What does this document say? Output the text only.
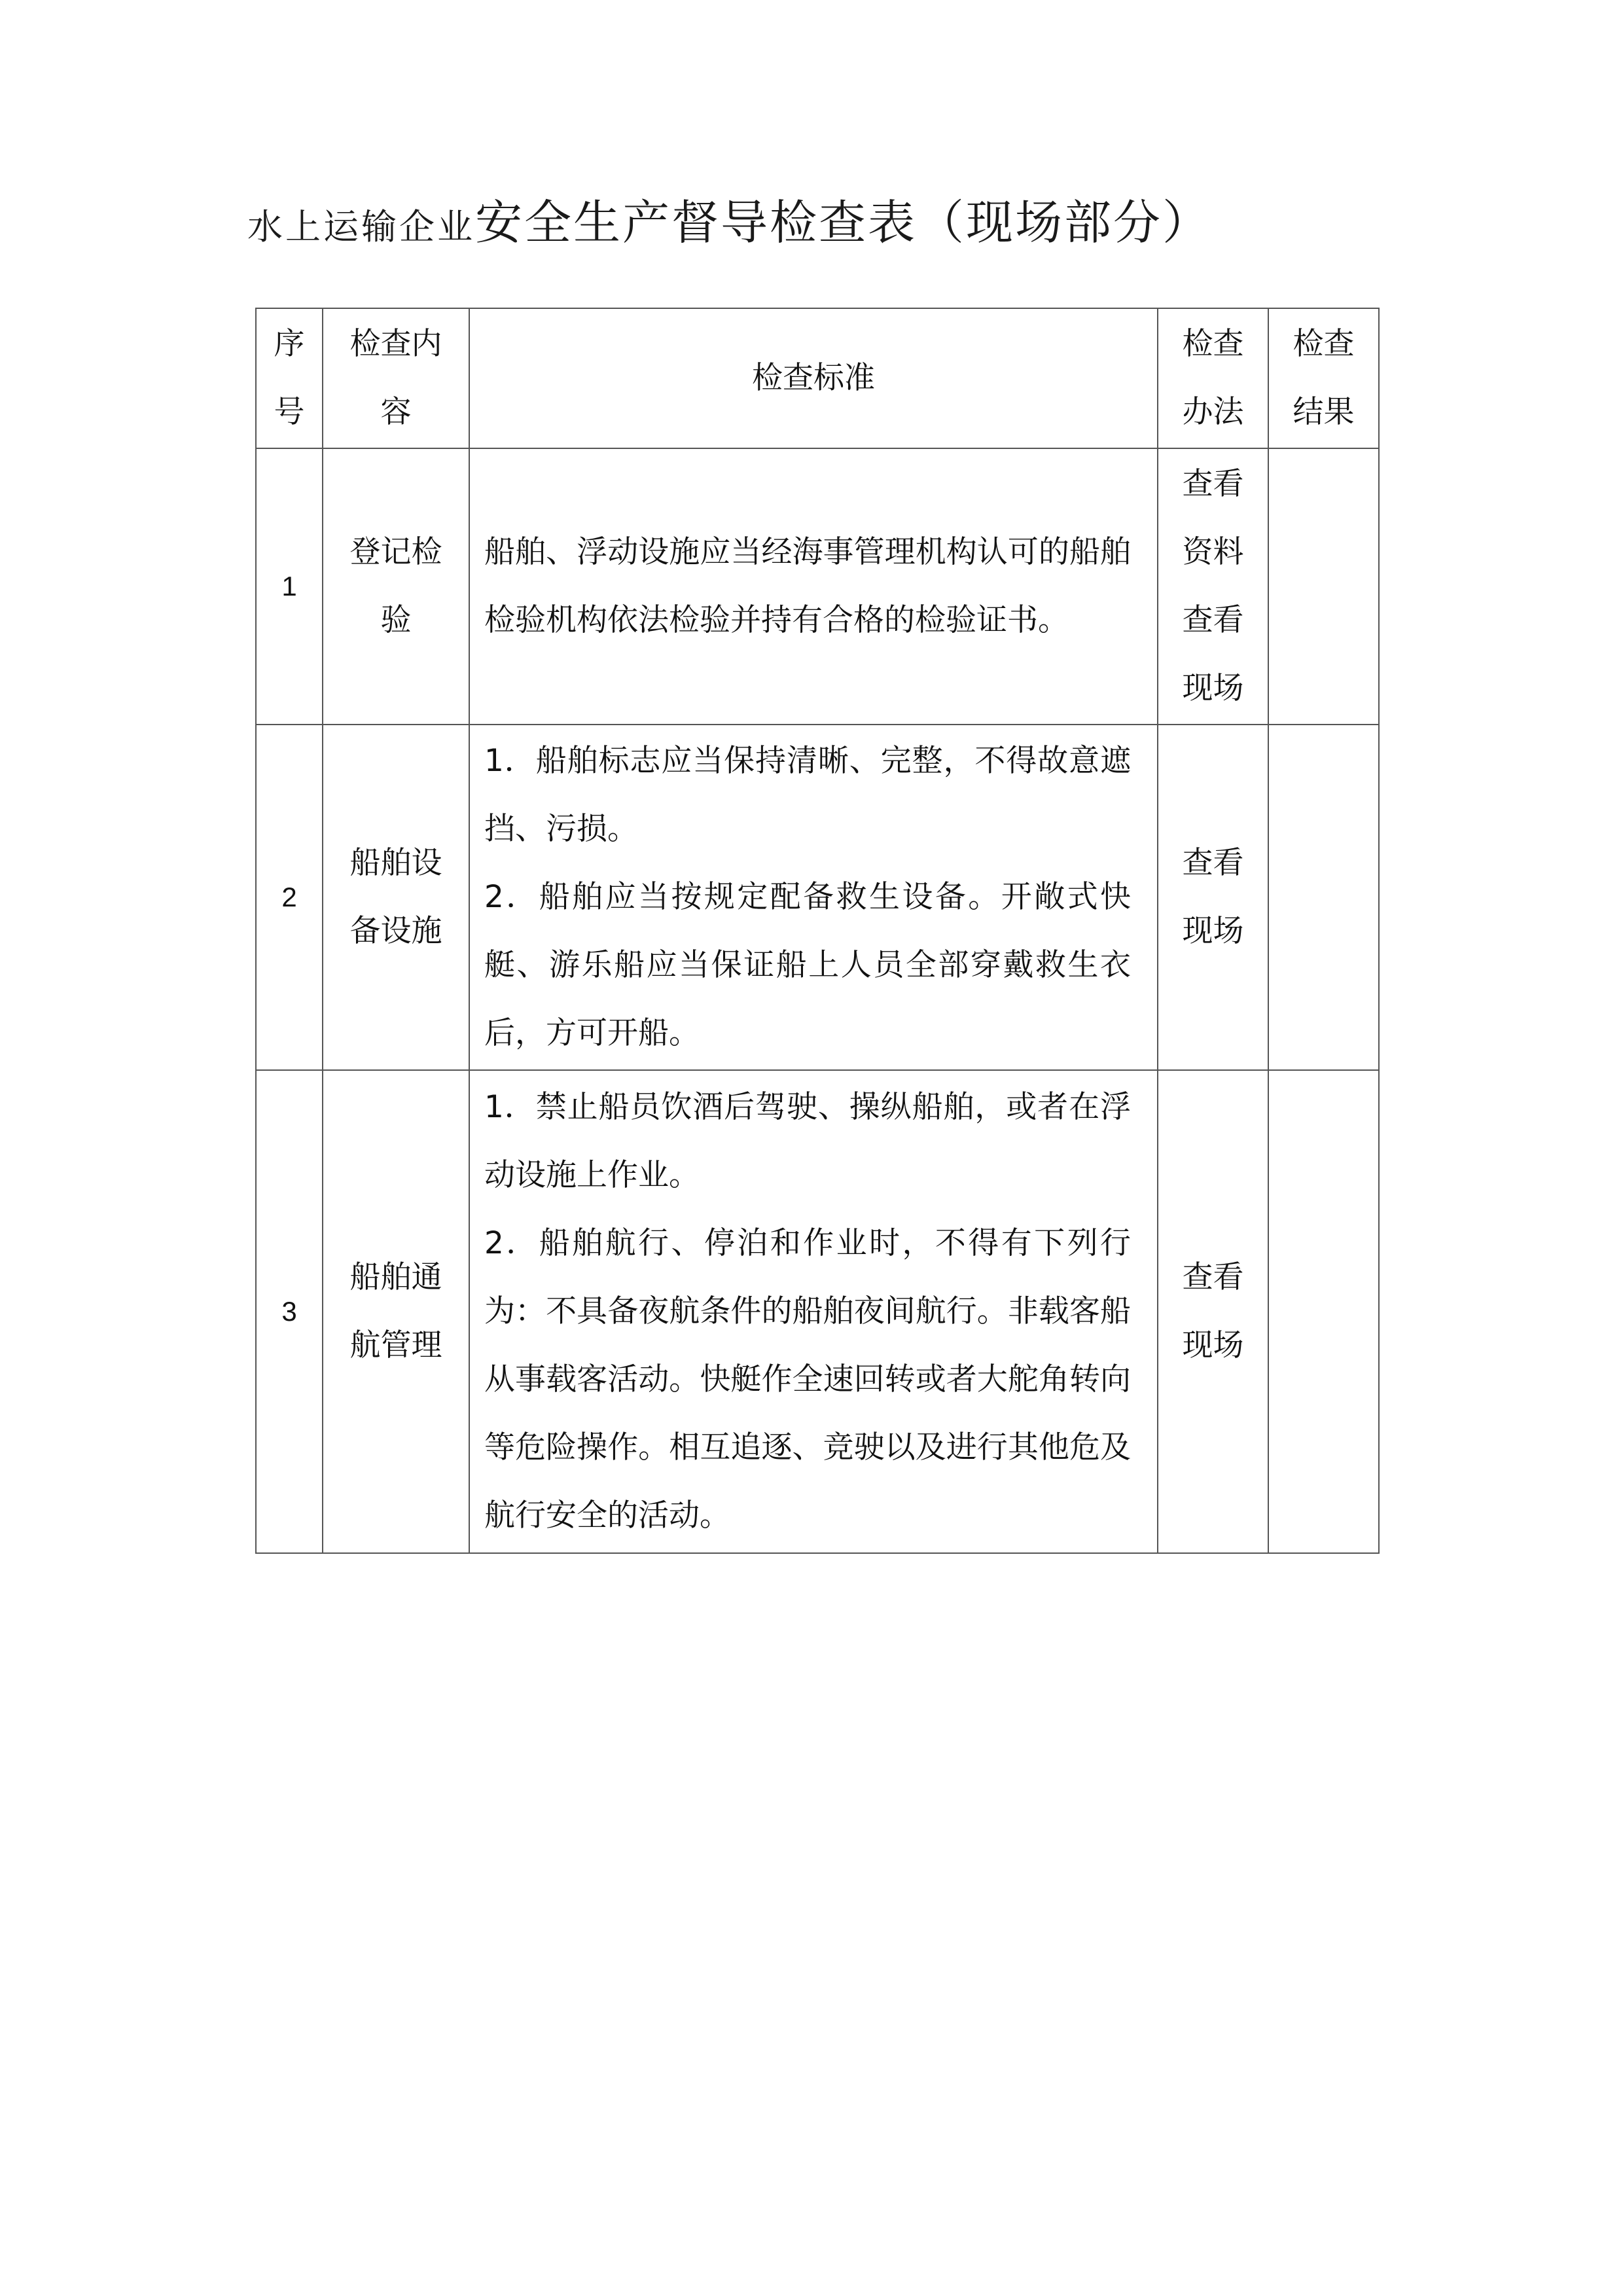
水上运输企业安全生产督导检查表（现场部分）
序号	检查内容	检查标准	检查办法	检查结果

1	登记检验	船舶、浮动设施应当经海事管理机构认可的船舶检验机构依法检验并持有合格的检验证书。	查看资料查看现场	

2	船舶设备设施	1．船舶标志应当保持清晰、完整，不得故意遮挡、污损。
2．船舶应当按规定配备救生设备。开敞式快艇、游乐船应当保证船上人员全部穿戴救生衣后，方可开船。	查看现场	

3	船舶通航管理	1．禁止船员饮酒后驾驶、操纵船舶，或者在浮动设施上作业。
2．船舶航行、停泊和作业时，不得有下列行为：不具备夜航条件的船舶夜间航行。非载客船从事载客活动。快艇作全速回转或者大舵角转向等危险操作。相互追逐、竞驶以及进行其他危及航行安全的活动。	查看现场	
